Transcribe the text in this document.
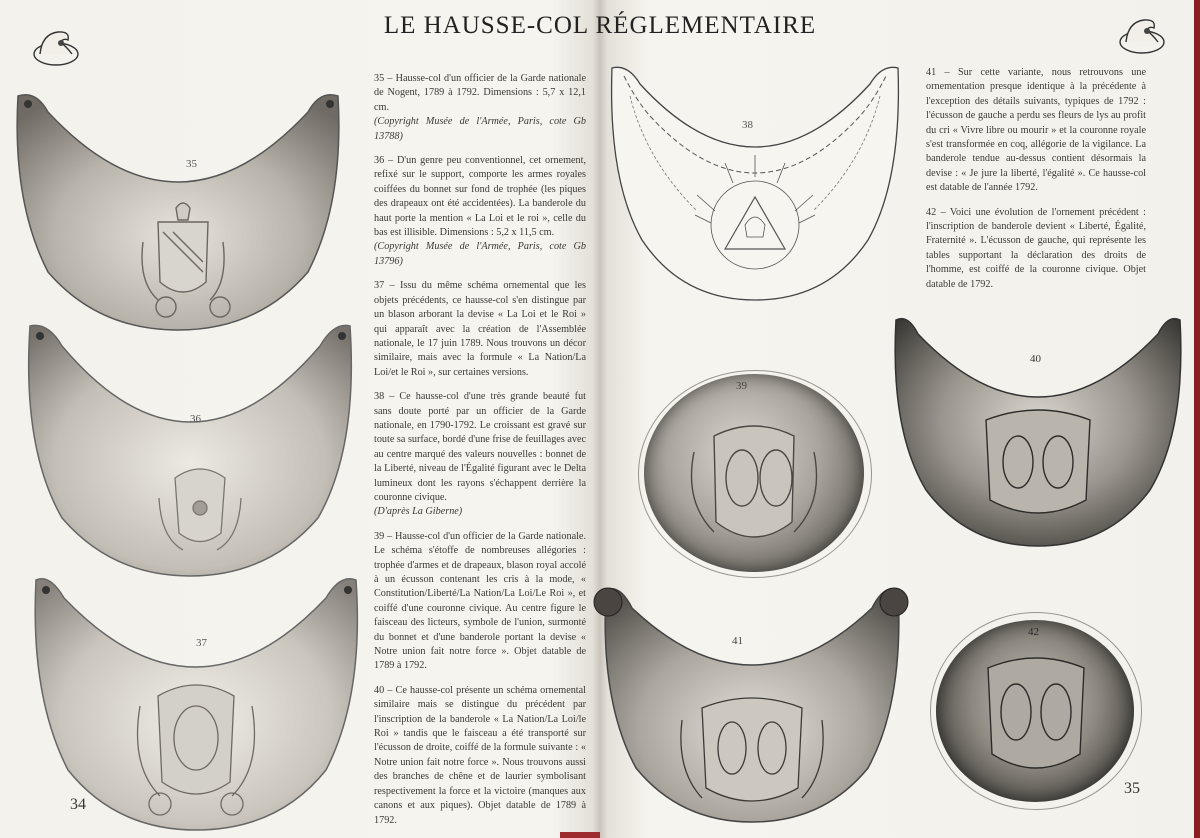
LE HAUSSE-COL RÉGLEMENTAIRE
35
36
37

35 – Hausse-col d'un officier de la Garde nationale de Nogent, 1789 à 1792. Dimensions : 5,7 x 12,1 cm.
(Copyright Musée de l'Armée, Paris, cote Gb 13788)

36 – D'un genre peu conventionnel, cet ornement, refixé sur le support, comporte les armes royales coiffées du bonnet sur fond de trophée (les piques des drapeaux ont été accidentées). La banderole du haut porte la mention « La Loi et le roi », celle du bas est illisible. Dimensions : 5,2 x 11,5 cm.
(Copyright Musée de l'Armée, Paris, cote Gb 13796)

37 – Issu du même schéma ornemental que les objets précédents, ce hausse-col s'en distingue par un blason arborant la devise « La Loi et le Roi » qui apparaît avec la création de l'Assemblée nationale, le 17 juin 1789. Nous trouvons un décor similaire, mais avec la formule « La Nation/La Loi/et le Roi », sur certaines versions.

38 – Ce hausse-col d'une très grande beauté fut sans doute porté par un officier de la Garde nationale, en 1790-1792. Le croissant est gravé sur toute sa surface, bordé d'une frise de feuillages avec au centre marqué des valeurs nouvelles : bonnet de la Liberté, niveau de l'Égalité figurant avec le Delta lumineux dont les rayons s'échappent derrière la couronne civique.
(D'après La Giberne)

39 – Hausse-col d'un officier de la Garde nationale. Le schéma s'étoffe de nombreuses allégories : trophée d'armes et de drapeaux, blason royal accolé à un écusson contenant les cris à la mode, « Constitution/Liberté/La Nation/La Loi/Le Roi », et coiffé d'une couronne civique. Au centre figure le faisceau des licteurs, symbole de l'union, surmonté du bonnet et d'une banderole portant la devise « Notre union fait notre force ». Objet datable de 1789 à 1792.

40 – Ce hausse-col présente un schéma ornemental similaire mais se distingue du précédent par l'inscription de la banderole « La Nation/La Loi/le Roi » tandis que le faisceau a été transporté sur l'écusson de droite, coiffé de la formule suivante : « Notre union fait notre force ». Nous trouvons aussi des branches de chêne et de laurier symbolisant respectivement la force et la victoire (manques aux canons et aux piques). Objet datable de 1789 à 1792.

38

41 – Sur cette variante, nous retrouvons une ornementation presque identique à la précédente à l'exception des détails suivants, typiques de 1792 : l'écusson de gauche a perdu ses fleurs de lys au profit du cri « Vivre libre ou mourir » et la couronne royale s'est transformée en coq, allégorie de la vigilance. La banderole tendue au-dessus contient désormais la devise : « Je jure la liberté, l'égalité ». Ce hausse-col est datable de l'année 1792.

42 – Voici une évolution de l'ornement précédent : l'inscription de banderole devient « Liberté, Égalité, Fraternité ». L'écusson de gauche, qui représente les tables supportant la déclaration des droits de l'homme, est coiffé de la couronne civique. Objet datable de 1792.

39
40
41
42
34
35
